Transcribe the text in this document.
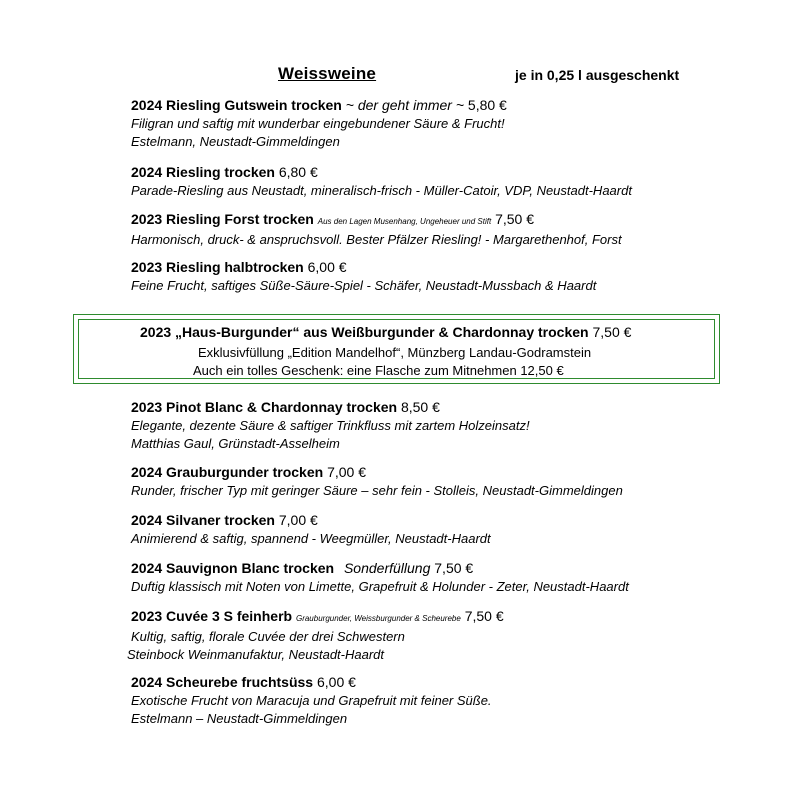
Weissweine	je in 0,25 l ausgeschenkt
2024 Riesling Gutswein trocken ~ der geht immer ~ 5,80 €
Filigran und saftig mit wunderbar eingebundener Säure & Frucht!
Estelmann, Neustadt-Gimmeldingen
2024 Riesling trocken 6,80 €
Parade-Riesling aus Neustadt, mineralisch-frisch - Müller-Catoir, VDP, Neustadt-Haardt
2023 Riesling Forst trocken Aus den Lagen Musenhang, Ungeheuer und Stift 7,50 €
Harmonisch, druck- & anspruchsvoll. Bester Pfälzer Riesling! - Margarethenhof, Forst
2023 Riesling halbtrocken 6,00 €
Feine Frucht, saftiges Süße-Säure-Spiel - Schäfer, Neustadt-Mussbach & Haardt
2023 „Haus-Burgunder“ aus Weißburgunder & Chardonnay trocken 7,50 €
Exklusivfüllung „Edition Mandelhof“, Münzberg Landau-Godramstein
Auch ein tolles Geschenk: eine Flasche zum Mitnehmen 12,50 €
2023 Pinot Blanc & Chardonnay trocken 8,50 €
Elegante, dezente Säure & saftiger Trinkfluss mit zartem Holzeinsatz!
Matthias Gaul, Grünstadt-Asselheim
2024 Grauburgunder trocken 7,00 €
Runder, frischer Typ mit geringer Säure – sehr fein - Stolleis, Neustadt-Gimmeldingen
2024 Silvaner trocken 7,00 €
Animierend & saftig, spannend - Weegmüller, Neustadt-Haardt
2024 Sauvignon Blanc trocken Sonderfüllung 7,50 €
Duftig klassisch mit Noten von Limette, Grapefruit & Holunder - Zeter, Neustadt-Haardt
2023 Cuvée 3 S feinherb Grauburgunder, Weissburgunder & Scheurebe 7,50 €
Kultig, saftig, florale Cuvée der drei Schwestern
Steinbock Weinmanufaktur, Neustadt-Haardt
2024 Scheurebe fruchtsüss 6,00 €
Exotische Frucht von Maracuja und Grapefruit mit feiner Süße.
Estelmann – Neustadt-Gimmeldingen
